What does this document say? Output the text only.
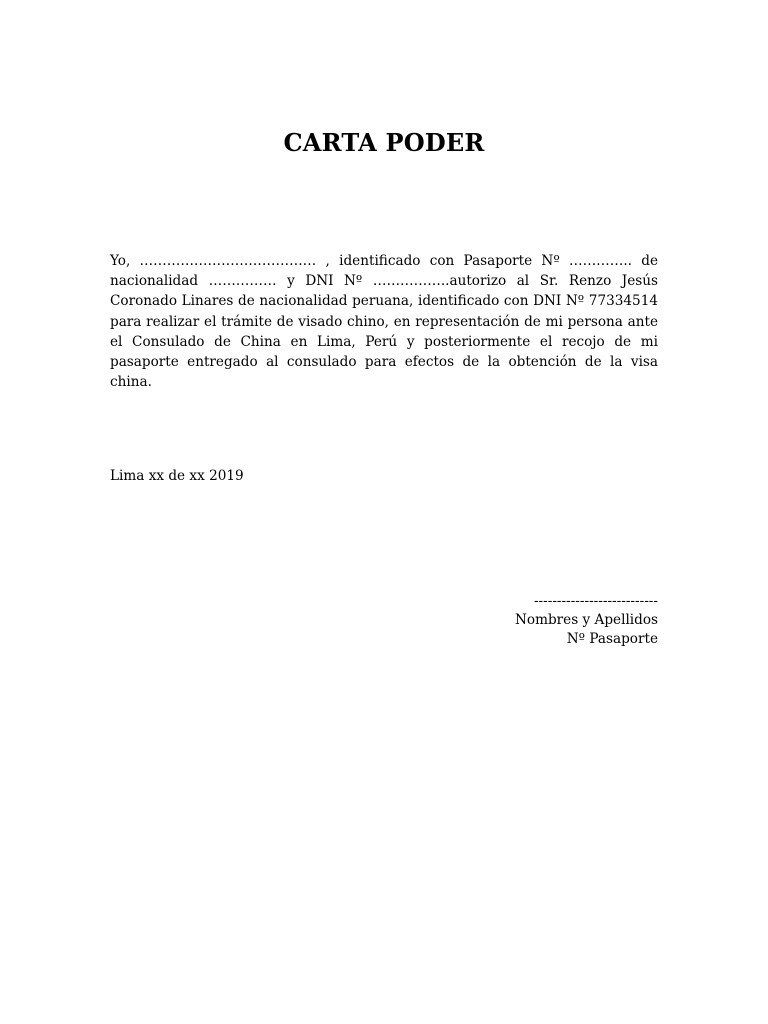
CARTA PODER

Yo, ………………………………… , identificado con Pasaporte Nº ………….. de nacionalidad …………… y DNI Nº ……………..autorizo al Sr. Renzo Jesús Coronado Linares de nacionalidad peruana, identificado con DNI Nº 77334514 para realizar el trámite de visado chino, en representación de mi persona ante el Consulado de China en Lima, Perú y posteriormente el recojo de mi pasaporte entregado al consulado para efectos de la obtención de la visa china.

Lima xx de xx 2019

---------------------------
Nombres y Apellidos
Nº Pasaporte
